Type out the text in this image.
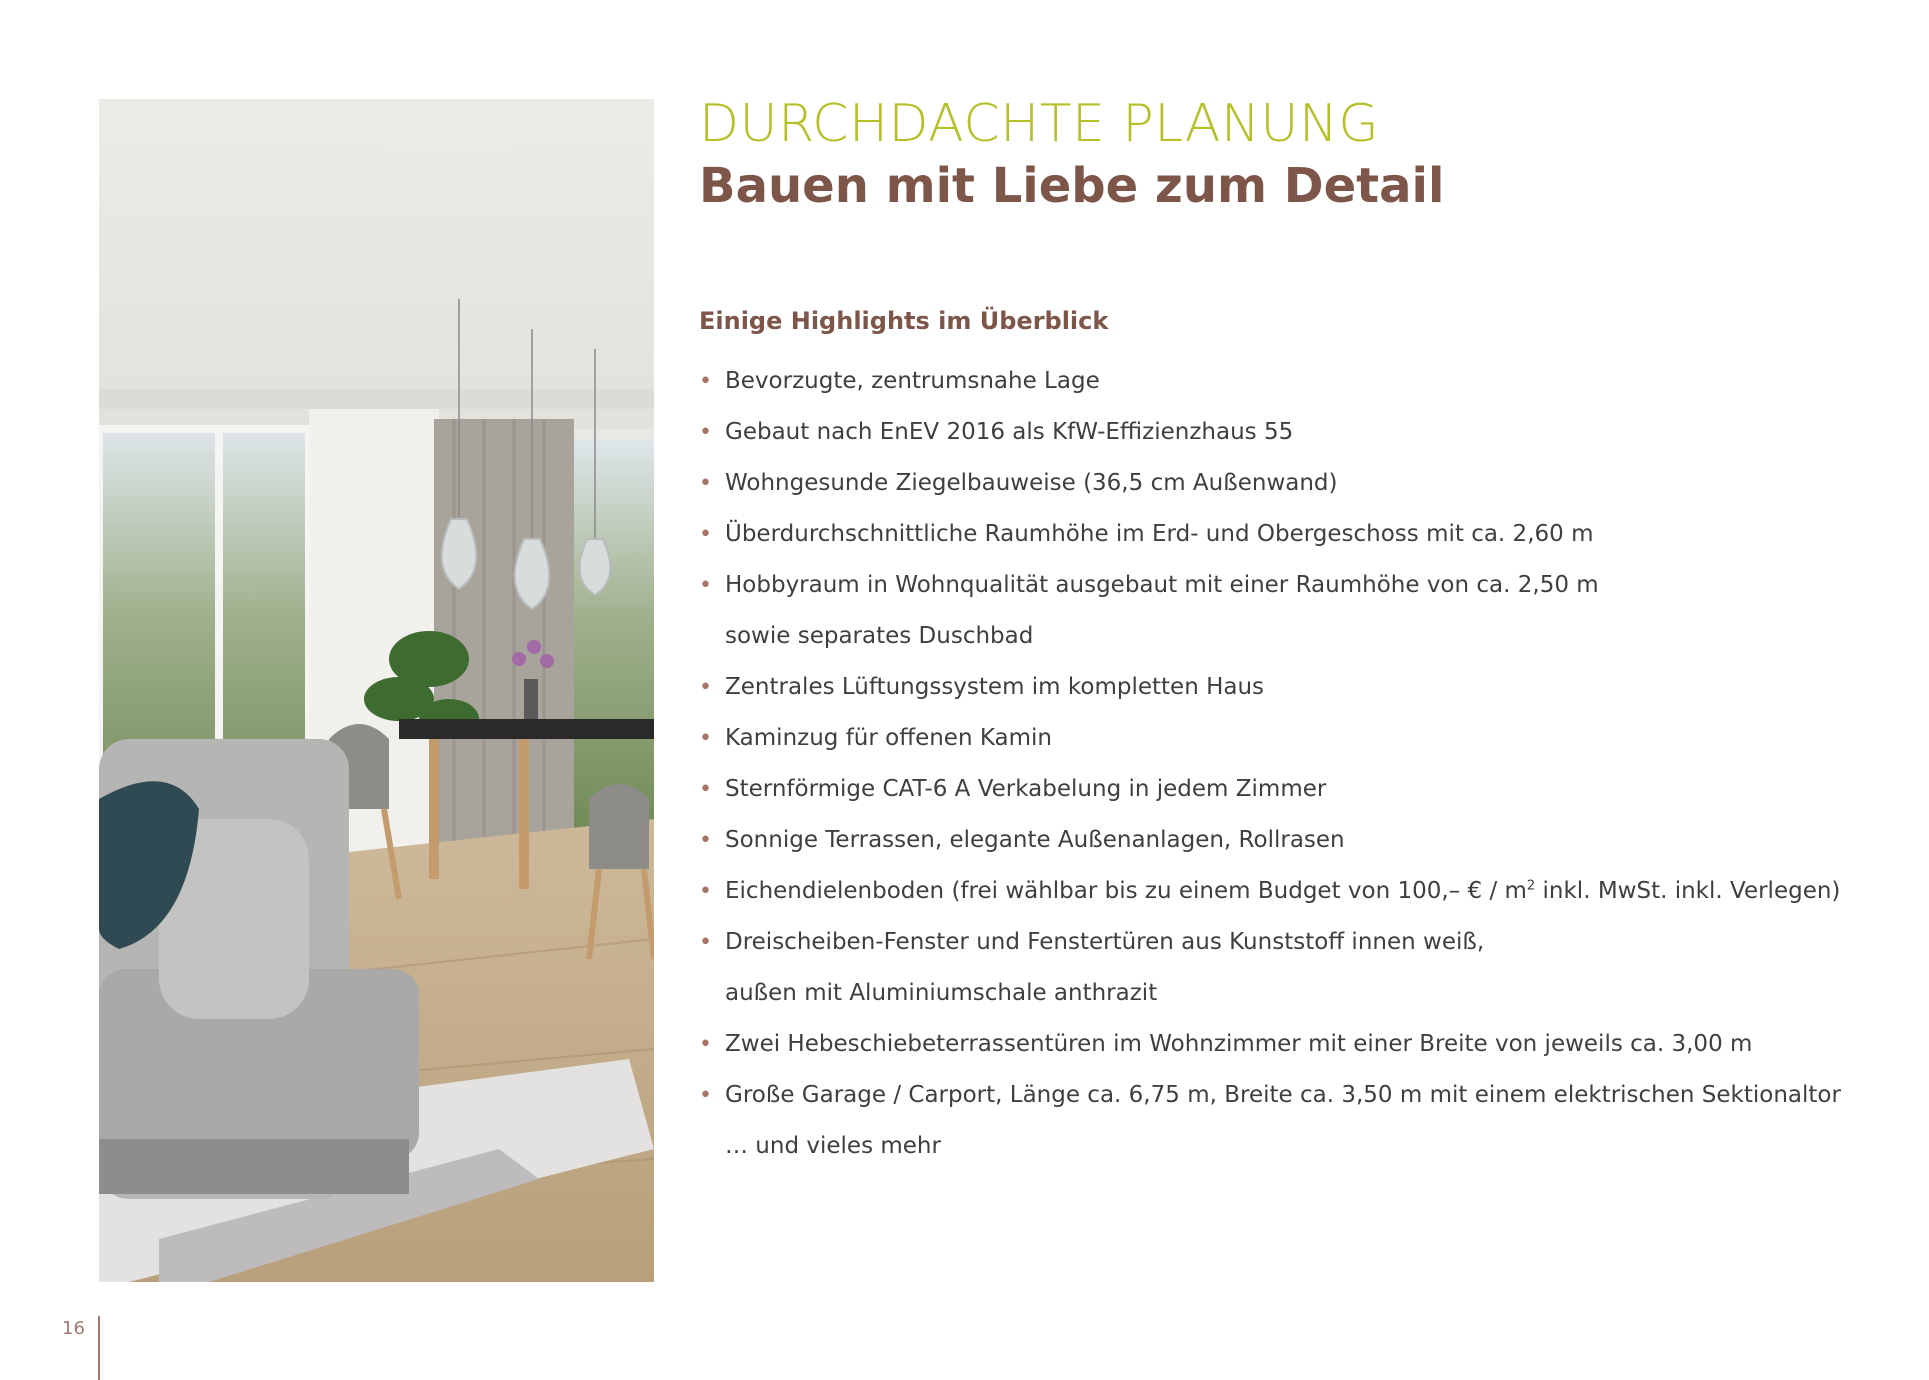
DURCHDACHTE PLANUNG
Bauen mit Liebe zum Detail
Einige Highlights im Überblick
• Bevorzugte, zentrumsnahe Lage
• Gebaut nach EnEV 2016 als KfW-Effizienzhaus 55
• Wohngesunde Ziegelbauweise (36,5 cm Außenwand)
• Überdurchschnittliche Raumhöhe im Erd- und Obergeschoss mit ca. 2,60 m
• Hobbyraum in Wohnqualität ausgebaut mit einer Raumhöhe von ca. 2,50 m
sowie separates Duschbad
• Zentrales Lüftungssystem im kompletten Haus
• Kaminzug für offenen Kamin
• Sternförmige CAT-6 A Verkabelung in jedem Zimmer
• Sonnige Terrassen, elegante Außenanlagen, Rollrasen
• Eichendielenboden (frei wählbar bis zu einem Budget von 100,– € / $m^2$ inkl. MwSt. inkl. Verlegen)
• Dreischeiben-Fenster und Fenstertüren aus Kunststoff innen weiß,
außen mit Aluminiumschale anthrazit
• Zwei Hebeschiebeterrassentüren im Wohnzimmer mit einer Breite von jeweils ca. 3,00 m
• Große Garage / Carport, Länge ca. 6,75 m, Breite ca. 3,50 m mit einem elektrischen Sektionaltor
… und vieles mehr
16
